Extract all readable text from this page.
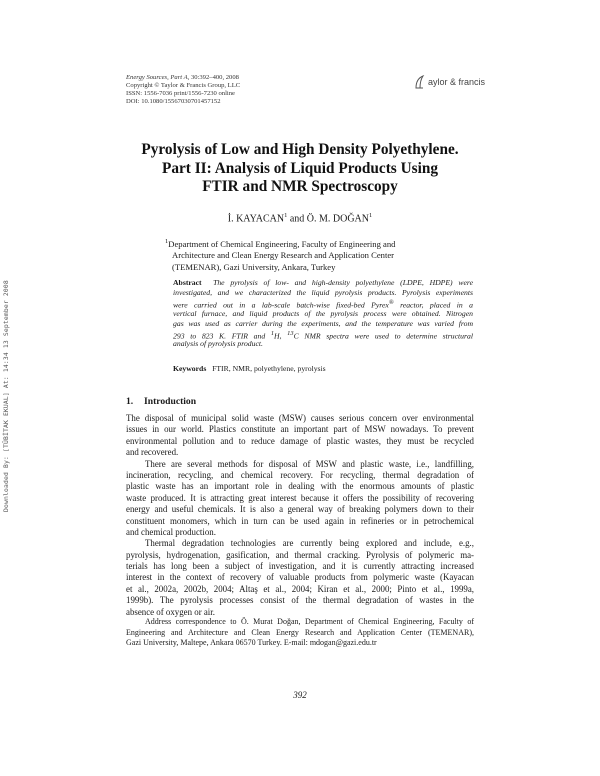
Downloaded By: [TÜBİTAK EKUAL] At: 14:34 13 September 2008
Energy Sources, Part A, 30:392–400, 2008
Copyright © Taylor & Francis Group, LLC
ISSN: 1556-7036 print/1556-7230 online
DOI: 10.1080/15567030701457152
aylor & francis
Pyrolysis of Low and High Density Polyethylene.
Part II: Analysis of Liquid Products Using
FTIR and NMR Spectroscopy
İ. KAYACAN$^1$ and Ö. M. DOĞAN$^1$
$^1$Department of Chemical Engineering, Faculty of Engineering and
Architecture and Clean Energy Research and Application Center
(TEMENAR), Gazi University, Ankara, Turkey
Abstract The pyrolysis of low- and high-density polyethylene (LDPE, HDPE) were
investigated, and we characterized the liquid pyrolysis products. Pyrolysis experiments
were carried out in a lab-scale batch-wise fixed-bed Pyrex® reactor, placed in a
vertical furnace, and liquid products of the pyrolysis process were obtained. Nitrogen
gas was used as carrier during the experiments, and the temperature was varied from
293 to 823 K. FTIR and $^1$H, $^{13}$C NMR spectra were used to determine structural
analysis of pyrolysis product.
Keywords FTIR, NMR, polyethylene, pyrolysis
1. Introduction
The disposal of municipal solid waste (MSW) causes serious concern over environmental
issues in our world. Plastics constitute an important part of MSW nowadays. To prevent
environmental pollution and to reduce damage of plastic wastes, they must be recycled
and recovered.
There are several methods for disposal of MSW and plastic waste, i.e., landfilling,
incineration, recycling, and chemical recovery. For recycling, thermal degradation of
plastic waste has an important role in dealing with the enormous amounts of plastic
waste produced. It is attracting great interest because it offers the possibility of recovering
energy and useful chemicals. It is also a general way of breaking polymers down to their
constituent monomers, which in turn can be used again in refineries or in petrochemical
and chemical production.
Thermal degradation technologies are currently being explored and include, e.g.,
pyrolysis, hydrogenation, gasification, and thermal cracking. Pyrolysis of polymeric ma-
terials has long been a subject of investigation, and it is currently attracting increased
interest in the context of recovery of valuable products from polymeric waste (Kayacan
et al., 2002a, 2002b, 2004; Altaş et al., 2004; Kiran et al., 2000; Pinto et al., 1999a,
1999b). The pyrolysis processes consist of the thermal degradation of wastes in the
absence of oxygen or air.
Address correspondence to Ö. Murat Doğan, Department of Chemical Engineering, Faculty of
Engineering and Architecture and Clean Energy Research and Application Center (TEMENAR),
Gazi University, Maltepe, Ankara 06570 Turkey. E-mail: mdogan@gazi.edu.tr
392
